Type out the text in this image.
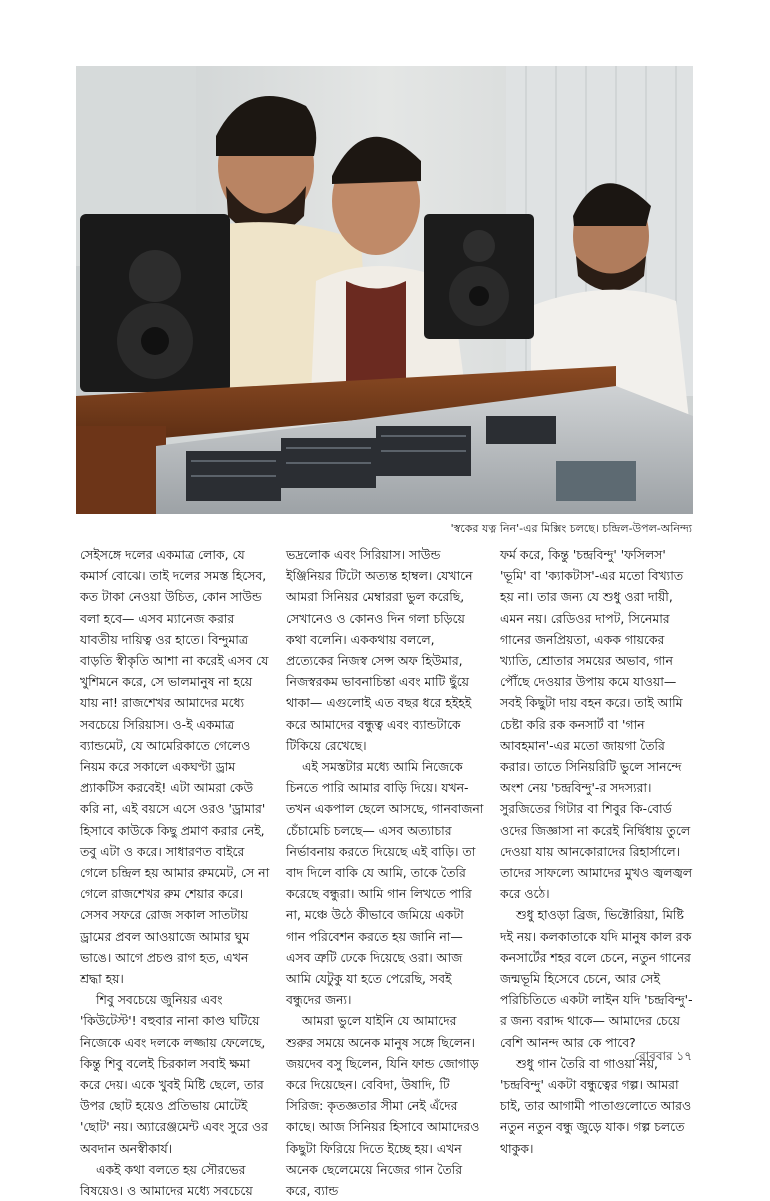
'স্বকের যত্ন নিন'-এর মিক্সিং চলছে। চন্দ্রিল-উপল-অনিন্দ্য

সেইসঙ্গে দলের একমাত্র লোক, যে কমার্স বোঝে। তাই দলের সমস্ত হিসেব, কত টাকা নেওয়া উচিত, কোন সাউন্ড বলা হবে— এসব ম্যানেজ করার যাবতীয় দায়িত্ব ওর হাতে। বিন্দুমাত্র বাড়তি স্বীকৃতি আশা না করেই এসব যে খুশিমনে করে, সে ভালমানুষ না হয়ে যায় না! রাজশেখর আমাদের মধ্যে সবচেয়ে সিরিয়াস। ও-ই একমাত্র ব্যান্ডমেট, যে আমেরিকাতে গেলেও নিয়ম করে সকালে একঘণ্টা ড্রাম প্র্যাকটিস করবেই! এটা আমরা কেউ করি না, এই বয়সে এসে ওরও 'ড্রামার' হিসাবে কাউকে কিছু প্রমাণ করার নেই, তবু এটা ও করে। সাধারণত বাইরে গেলে চন্দ্রিল হয় আমার রুমমেট, সে না গেলে রাজশেখর রুম শেয়ার করে। সেসব সফরে রোজ সকাল সাতটায় ড্রামের প্রবল আওয়াজে আমার ঘুম ভাঙে। আগে প্রচণ্ড রাগ হত, এখন শ্রদ্ধা হয়।

শিবু সবচেয়ে জুনিয়র এবং 'কিউটেস্ট'! বহুবার নানা কাণ্ড ঘটিয়ে নিজেকে এবং দলকে লজ্জায় ফেলেছে, কিন্তু শিবু বলেই চিরকাল সবাই ক্ষমা করে দেয়। একে খুবই মিষ্টি ছেলে, তার উপর ছোট হয়েও প্রতিভায় মোটেই 'ছোট' নয়। অ্যারেঞ্জমেন্ট এবং সুরে ওর অবদান অনস্বীকার্য।

একই কথা বলতে হয় সৌরভের বিষয়েও। ও আমাদের মধ্যে সবচেয়ে

ভদ্রলোক এবং সিরিয়াস। সাউন্ড ইঞ্জিনিয়র টিটো অত্যন্ত হাম্বল। যেখানে আমরা সিনিয়র মেম্বাররা ভুল করেছি, সেখানেও ও কোনও দিন গলা চড়িয়ে কথা বলেনি। এককথায় বললে, প্রত্যেকের নিজস্ব সেন্স অফ হিউমার, নিজস্বরকম ভাবনাচিন্তা এবং মাটি ছুঁয়ে থাকা— এগুলোই এত বছর ধরে হইহই করে আমাদের বন্ধুত্ব এবং ব্যান্ডটাকে টিকিয়ে রেখেছে।

এই সমস্তটার মধ্যে আমি নিজেকে চিনতে পারি আমার বাড়ি দিয়ে। যখন-তখন একপাল ছেলে আসছে, গানবাজনা চেঁচামেচি চলছে— এসব অত্যাচার নির্ভাবনায় করতে দিয়েছে এই বাড়ি। তা বাদ দিলে বাকি যে আমি, তাকে তৈরি করেছে বন্ধুরা। আমি গান লিখতে পারি না, মঞ্চে উঠে কীভাবে জমিয়ে একটা গান পরিবেশন করতে হয় জানি না— এসব ত্রুটি ঢেকে দিয়েছে ওরা। আজ আমি যেটুকু যা হতে পেরেছি, সবই বন্ধুদের জন্য।

আমরা ভুলে যাইনি যে আমাদের শুরুর সময়ে অনেক মানুষ সঙ্গে ছিলেন। জয়দেব বসু ছিলেন, যিনি ফান্ড জোগাড় করে দিয়েছেন। বেবিদা, উষাদি, টি সিরিজ: কৃতজ্ঞতার সীমা নেই এঁদের কাছে। আজ সিনিয়র হিসাবে আমাদেরও কিছুটা ফিরিয়ে দিতে ইচ্ছে হয়। এখন অনেক ছেলেমেয়ে নিজের গান তৈরি করে, ব্যান্ড

ফর্ম করে, কিন্তু 'চন্দ্রবিন্দু' 'ফসিলস' 'ভূমি' বা 'ক্যাকটাস'-এর মতো বিখ্যাত হয় না। তার জন্য যে শুধু ওরা দায়ী, এমন নয়। রেডিওর দাপট, সিনেমার গানের জনপ্রিয়তা, একক গায়কের খ্যাতি, শ্রোতার সময়ের অভাব, গান পৌঁছে দেওয়ার উপায় কমে যাওয়া— সবই কিছুটা দায় বহন করে। তাই আমি চেষ্টা করি রক কনসার্ট বা 'গান আবহমান'-এর মতো জায়গা তৈরি করার। তাতে সিনিয়রিটি ভুলে সানন্দে অংশ নেয় 'চন্দ্রবিন্দু'-র সদস্যরা। সুরজিতের গিটার বা শিবুর কি-বোর্ড ওদের জিজ্ঞাসা না করেই নির্দ্বিধায় তুলে দেওয়া যায় আনকোরাদের রিহার্সালে। তাদের সাফল্যে আমাদের মুখও জ্বলজ্বল করে ওঠে।

শুধু হাওড়া ব্রিজ, ভিক্টোরিয়া, মিষ্টি দই নয়। কলকাতাকে যদি মানুষ কাল রক কনসার্টের শহর বলে চেনে, নতুন গানের জন্মভূমি হিসেবে চেনে, আর সেই পরিচিতিতে একটা লাইন যদি 'চন্দ্রবিন্দু'-র জন্য বরাদ্দ থাকে— আমাদের চেয়ে বেশি আনন্দ আর কে পাবে?

শুধু গান তৈরি বা গাওয়া নয়, 'চন্দ্রবিন্দু' একটা বন্ধুত্বের গল্প। আমরা চাই, তার আগামী পাতাগুলোতে আরও নতুন নতুন বন্ধু জুড়ে যাক। গল্প চলতে থাকুক।

রোববার ১৭
